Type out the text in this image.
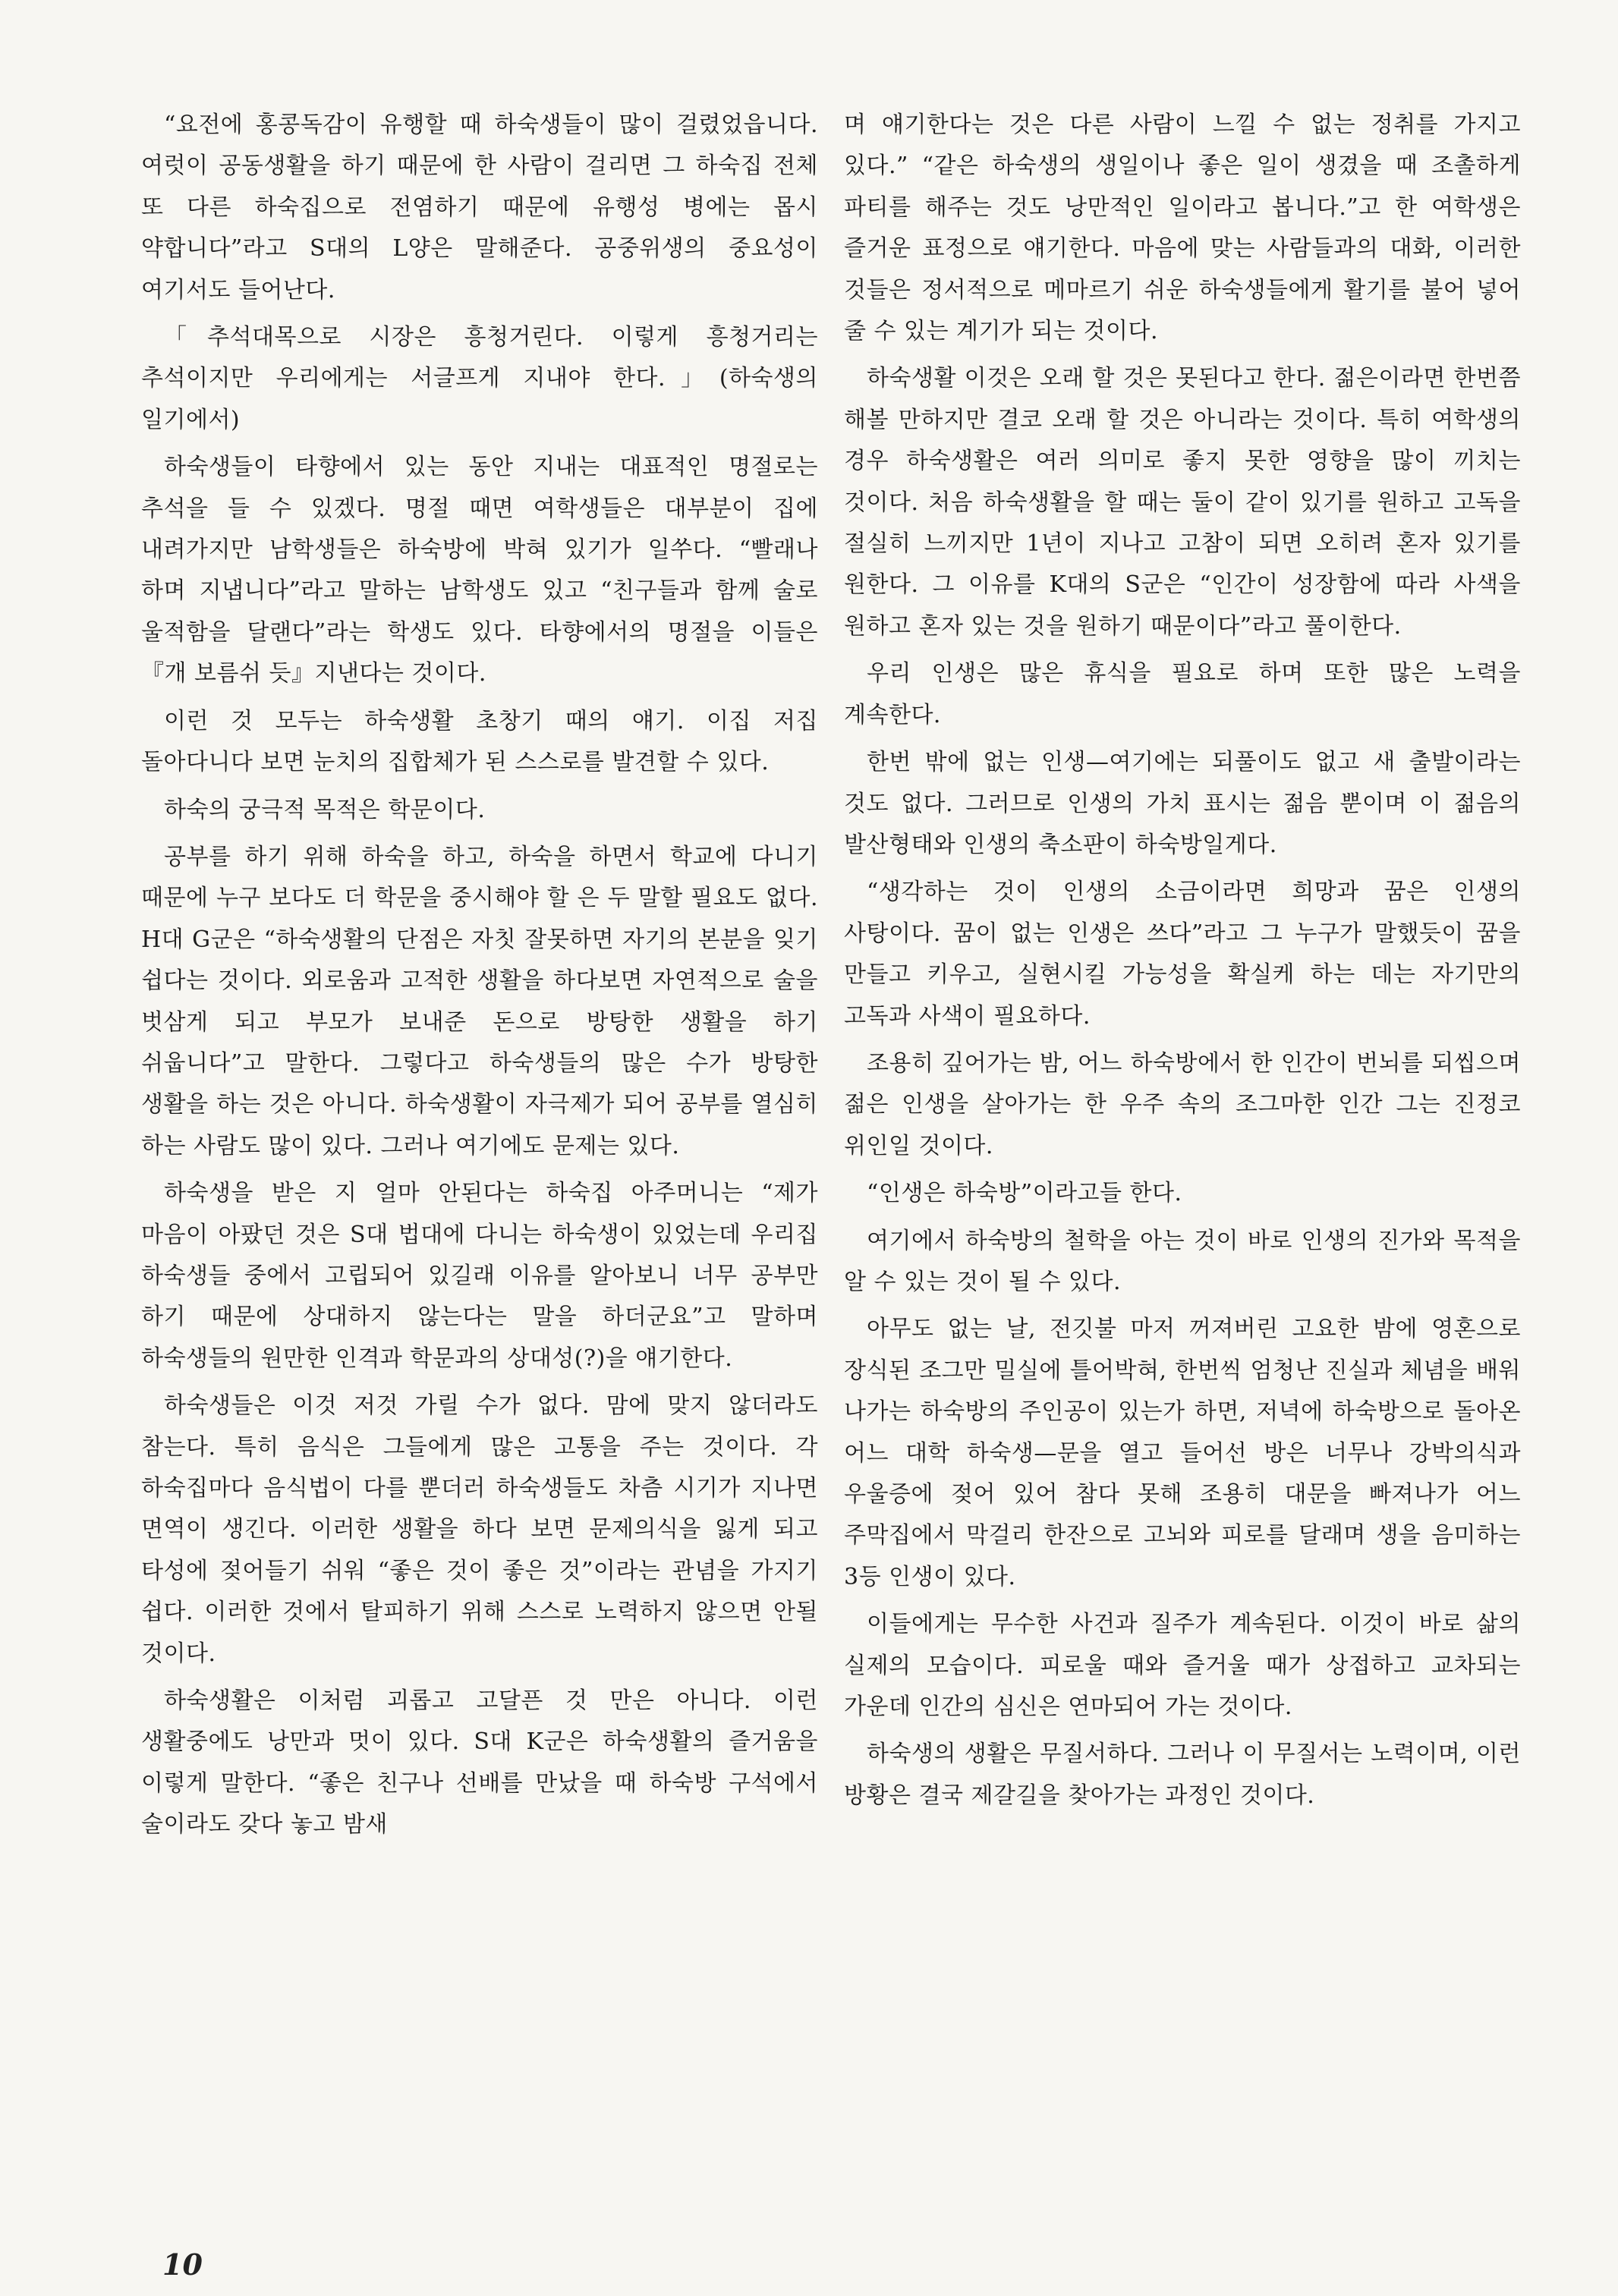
“요전에 홍콩독감이 유행할 때 하숙생들이 많이 걸렸었읍니다. 여럿이 공동생활을 하기 때문에 한 사람이 걸리면 그 하숙집 전체 또 다른 하숙집으로 전염하기 때문에 유행성 병에는 몹시 약합니다”라고 S대의 L양은 말해준다. 공중위생의 중요성이 여기서도 들어난다.

「추석대목으로 시장은 흥청거린다. 이렇게 흥청거리는 추석이지만 우리에게는 서글프게 지내야 한다.」(하숙생의 일기에서)

하숙생들이 타향에서 있는 동안 지내는 대표적인 명절로는 추석을 들 수 있겠다. 명절 때면 여학생들은 대부분이 집에 내려가지만 남학생들은 하숙방에 박혀 있기가 일쑤다. “빨래나 하며 지냅니다”라고 말하는 남학생도 있고 “친구들과 함께 술로 울적함을 달랜다”라는 학생도 있다. 타향에서의 명절을 이들은 『개 보름쉬 듯』지낸다는 것이다.

이런 것 모두는 하숙생활 초창기 때의 얘기. 이집 저집 돌아다니다 보면 눈치의 집합체가 된 스스로를 발견할 수 있다.

하숙의 궁극적 목적은 학문이다.

공부를 하기 위해 하숙을 하고, 하숙을 하면서 학교에 다니기 때문에 누구 보다도 더 학문을 중시해야 할 은 두 말할 필요도 없다. H대 G군은 “하숙생활의 단점은 자칫 잘못하면 자기의 본분을 잊기 쉽다는 것이다. 외로움과 고적한 생활을 하다보면 자연적으로 술을 벗삼게 되고 부모가 보내준 돈으로 방탕한 생활을 하기 쉬웁니다”고 말한다. 그렇다고 하숙생들의 많은 수가 방탕한 생활을 하는 것은 아니다. 하숙생활이 자극제가 되어 공부를 열심히 하는 사람도 많이 있다. 그러나 여기에도 문제는 있다.

하숙생을 받은 지 얼마 안된다는 하숙집 아주머니는 “제가 마음이 아팠던 것은 S대 법대에 다니는 하숙생이 있었는데 우리집 하숙생들 중에서 고립되어 있길래 이유를 알아보니 너무 공부만 하기 때문에 상대하지 않는다는 말을 하더군요”고 말하며 하숙생들의 원만한 인격과 학문과의 상대성(?)을 얘기한다.

하숙생들은 이것 저것 가릴 수가 없다. 맘에 맞지 않더라도 참는다. 특히 음식은 그들에게 많은 고통을 주는 것이다. 각 하숙집마다 음식법이 다를 뿐더러 하숙생들도 차츰 시기가 지나면 면역이 생긴다. 이러한 생활을 하다 보면 문제의식을 잃게 되고 타성에 젖어들기 쉬워 “좋은 것이 좋은 것”이라는 관념을 가지기 쉽다. 이러한 것에서 탈피하기 위해 스스로 노력하지 않으면 안될 것이다.

하숙생활은 이처럼 괴롭고 고달픈 것 만은 아니다. 이런 생활중에도 낭만과 멋이 있다. S대 K군은 하숙생활의 즐거움을 이렇게 말한다. “좋은 친구나 선배를 만났을 때 하숙방 구석에서 술이라도 갖다 놓고 밤새

며 얘기한다는 것은 다른 사람이 느낄 수 없는 정취를 가지고 있다.” “같은 하숙생의 생일이나 좋은 일이 생겼을 때 조촐하게 파티를 해주는 것도 낭만적인 일이라고 봅니다.”고 한 여학생은 즐거운 표정으로 얘기한다. 마음에 맞는 사람들과의 대화, 이러한 것들은 정서적으로 메마르기 쉬운 하숙생들에게 활기를 불어 넣어 줄 수 있는 계기가 되는 것이다.

하숙생활 이것은 오래 할 것은 못된다고 한다. 젊은이라면 한번쯤 해볼 만하지만 결코 오래 할 것은 아니라는 것이다. 특히 여학생의 경우 하숙생활은 여러 의미로 좋지 못한 영향을 많이 끼치는 것이다. 처음 하숙생활을 할 때는 둘이 같이 있기를 원하고 고독을 절실히 느끼지만 1년이 지나고 고참이 되면 오히려 혼자 있기를 원한다. 그 이유를 K대의 S군은 “인간이 성장함에 따라 사색을 원하고 혼자 있는 것을 원하기 때문이다”라고 풀이한다.

우리 인생은 많은 휴식을 필요로 하며 또한 많은 노력을 계속한다.

한번 밖에 없는 인생—여기에는 되풀이도 없고 새 출발이라는 것도 없다. 그러므로 인생의 가치 표시는 젊음 뿐이며 이 젊음의 발산형태와 인생의 축소판이 하숙방일게다.

“생각하는 것이 인생의 소금이라면 희망과 꿈은 인생의 사탕이다. 꿈이 없는 인생은 쓰다”라고 그 누구가 말했듯이 꿈을 만들고 키우고, 실현시킬 가능성을 확실케 하는 데는 자기만의 고독과 사색이 필요하다.

조용히 깊어가는 밤, 어느 하숙방에서 한 인간이 번뇌를 되씹으며 젊은 인생을 살아가는 한 우주 속의 조그마한 인간 그는 진정코 위인일 것이다.

“인생은 하숙방”이라고들 한다.

여기에서 하숙방의 철학을 아는 것이 바로 인생의 진가와 목적을 알 수 있는 것이 될 수 있다.

아무도 없는 날, 전깃불 마저 꺼져버린 고요한 밤에 영혼으로 장식된 조그만 밀실에 틀어박혀, 한번씩 엄청난 진실과 체념을 배워 나가는 하숙방의 주인공이 있는가 하면, 저녁에 하숙방으로 돌아온 어느 대학 하숙생—문을 열고 들어선 방은 너무나 강박의식과 우울증에 젖어 있어 참다 못해 조용히 대문을 빠져나가 어느 주막집에서 막걸리 한잔으로 고뇌와 피로를 달래며 생을 음미하는 3등 인생이 있다.

이들에게는 무수한 사건과 질주가 계속된다. 이것이 바로 삶의 실제의 모습이다. 피로울 때와 즐거울 때가 상접하고 교차되는 가운데 인간의 심신은 연마되어 가는 것이다.

하숙생의 생활은 무질서하다. 그러나 이 무질서는 노력이며, 이런 방황은 결국 제갈길을 찾아가는 과정인 것이다.

10
